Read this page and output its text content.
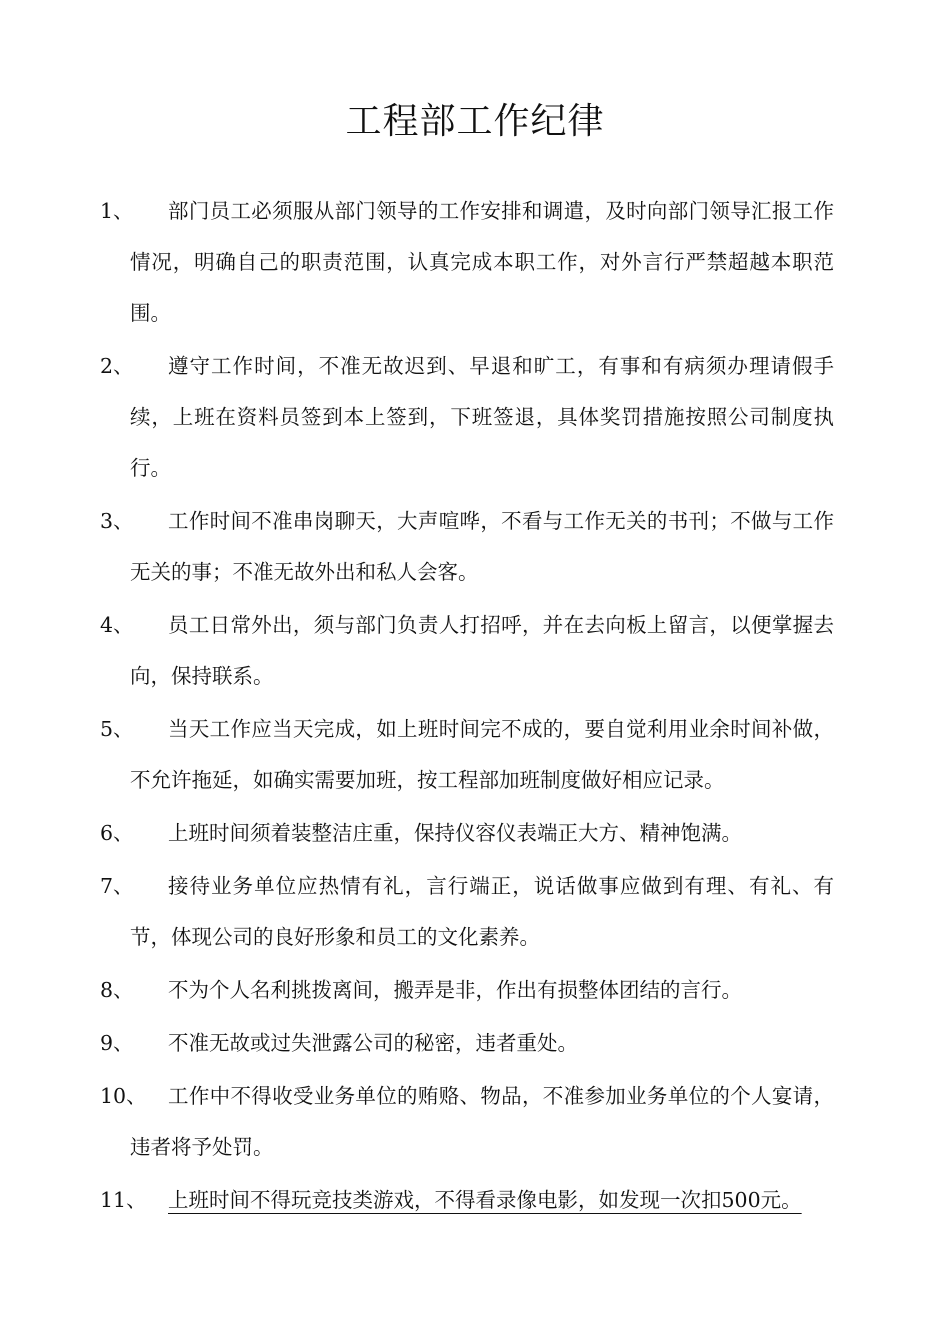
工程部工作纪律
1、	部门员工必须服从部门领导的工作安排和调遣，及时向部门领导汇报工作情况，明确自己的职责范围，认真完成本职工作，对外言行严禁超越本职范围。
2、	遵守工作时间，不准无故迟到、早退和旷工，有事和有病须办理请假手续，上班在资料员签到本上签到，下班签退，具体奖罚措施按照公司制度执行。
3、	工作时间不准串岗聊天，大声喧哗，不看与工作无关的书刊；不做与工作无关的事；不准无故外出和私人会客。
4、	员工日常外出，须与部门负责人打招呼，并在去向板上留言，以便掌握去向，保持联系。
5、	当天工作应当天完成，如上班时间完不成的，要自觉利用业余时间补做，不允许拖延，如确实需要加班，按工程部加班制度做好相应记录。
6、	上班时间须着装整洁庄重，保持仪容仪表端正大方、精神饱满。
7、	接待业务单位应热情有礼，言行端正，说话做事应做到有理、有礼、有节，体现公司的良好形象和员工的文化素养。
8、	不为个人名利挑拨离间，搬弄是非，作出有损整体团结的言行。
9、	不准无故或过失泄露公司的秘密，违者重处。
10、	工作中不得收受业务单位的贿赂、物品，不准参加业务单位的个人宴请，违者将予处罚。
11、	上班时间不得玩竞技类游戏，不得看录像电影，如发现一次扣500元。
